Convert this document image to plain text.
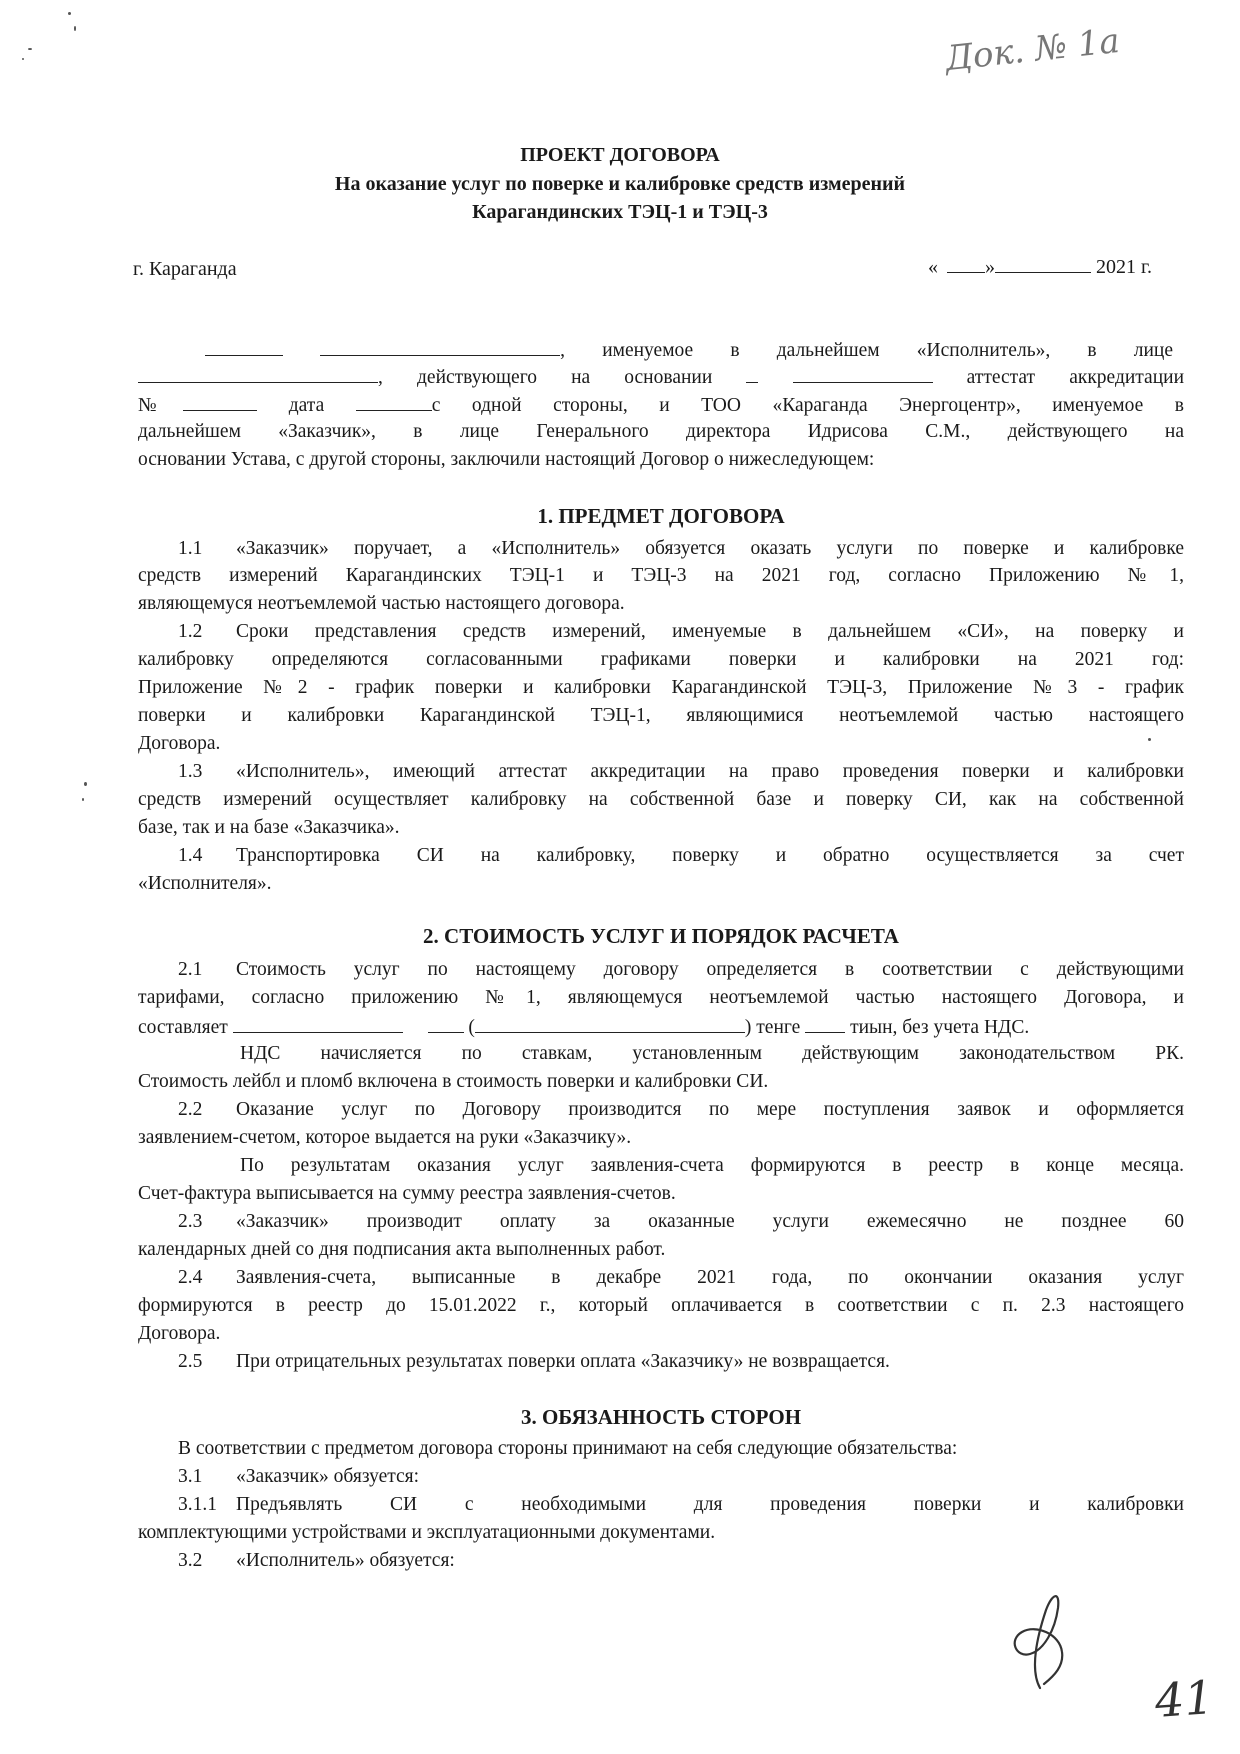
Док. № 1а
ПРОЕКТ ДОГОВОРА
На оказание услуг по поверке и калибровке средств измерений
Карагандинских ТЭЦ-1 и ТЭЦ-3
г. Караганда	« »	2021 г.
, именуемое в дальнейшем «Исполнитель», в лице
, действующего на основании	аттестат аккредитации
№	дата	с одной стороны, и ТОО «Караганда Энергоцентр», именуемое в
дальнейшем «Заказчик», в лице Генерального директора Идрисова С.М., действующего на
основании Устава, с другой стороны, заключили настоящий Договор о нижеследующем:
1. ПРЕДМЕТ ДОГОВОРА
1.1 «Заказчик» поручает, а «Исполнитель» обязуется оказать услуги по поверке и калибровке
средств измерений Карагандинских ТЭЦ-1 и ТЭЦ-3 на 2021 год, согласно Приложению №1,
являющемуся неотъемлемой частью настоящего договора.
1.2 Сроки представления средств измерений, именуемые в дальнейшем «СИ», на поверку и
калибровку определяются согласованными графиками поверки и калибровки на 2021 год:
Приложение №2 - график поверки и калибровки Карагандинской ТЭЦ-3, Приложение №3 - график
поверки и калибровки Карагандинской ТЭЦ-1, являющимися неотъемлемой частью настоящего
Договора.
1.3 «Исполнитель», имеющий аттестат аккредитации на право проведения поверки и калибровки
средств измерений осуществляет калибровку на собственной базе и поверку СИ, как на собственной
базе, так и на базе «Заказчика».
1.4 Транспортировка СИ на калибровку, поверку и обратно осуществляется за счет
«Исполнителя».
2. СТОИМОСТЬ УСЛУГ И ПОРЯДОК РАСЧЕТА
2.1 Стоимость услуг по настоящему договору определяется в соответствии с действующими
тарифами, согласно приложению №1, являющемуся неотъемлемой частью настоящего Договора, и
составляет	(	) тенге	тиын, без учета НДС.
НДС начисляется по ставкам, установленным действующим законодательством РК.
Стоимость лейбл и пломб включена в стоимость поверки и калибровки СИ.
2.2 Оказание услуг по Договору производится по мере поступления заявок и оформляется
заявлением-счетом, которое выдается на руки «Заказчику».
По результатам оказания услуг заявления-счета формируются в реестр в конце месяца.
Счет-фактура выписывается на сумму реестра заявления-счетов.
2.3 «Заказчик» производит оплату за оказанные услуги ежемесячно не позднее 60
календарных дней со дня подписания акта выполненных работ.
2.4 Заявления-счета, выписанные в декабре 2021 года, по окончании оказания услуг
формируются в реестр до 15.01.2022 г., который оплачивается в соответствии с п. 2.3 настоящего
Договора.
2.5 При отрицательных результатах поверки оплата «Заказчику» не возвращается.
3. ОБЯЗАННОСТЬ СТОРОН
В соответствии с предметом договора стороны принимают на себя следующие обязательства:
3.1 «Заказчик» обязуется:
3.1.1 Предъявлять СИ с необходимыми для проведения поверки и калибровки
комплектующими устройствами и эксплуатационными документами.
3.2 «Исполнитель» обязуется:
41
